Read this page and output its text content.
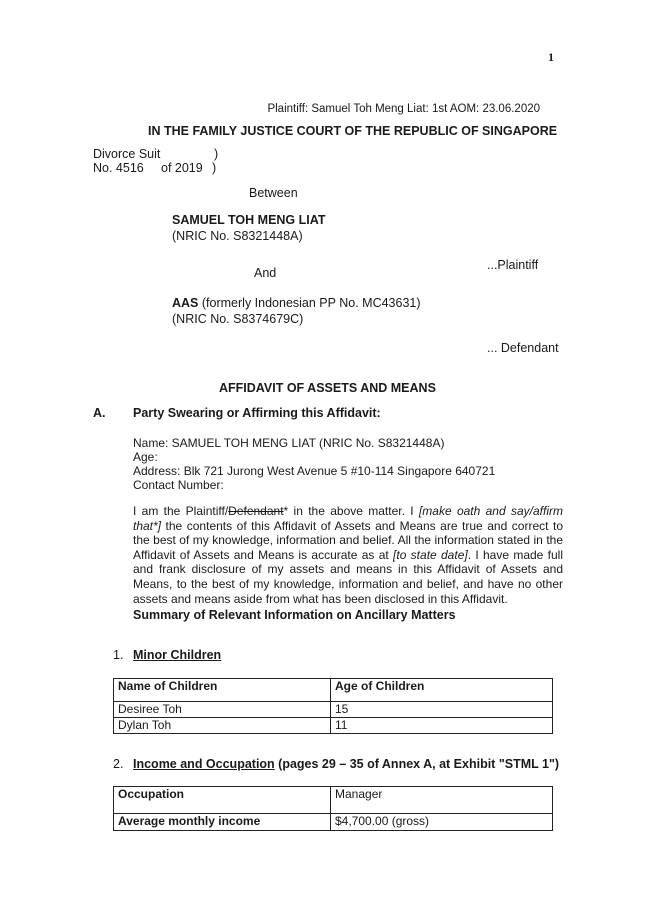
1
Plaintiff: Samuel Toh Meng Liat: 1st AOM: 23.06.2020
IN THE FAMILY JUSTICE COURT OF THE REPUBLIC OF SINGAPORE
Divorce Suit	)
No. 4516 of 2019 )
Between
SAMUEL TOH MENG LIAT
(NRIC No. S8321448A)
...Plaintiff
And
AAS (formerly Indonesian PP No. MC43631)
(NRIC No. S8374679C)
... Defendant
AFFIDAVIT OF ASSETS AND MEANS
A. Party Swearing or Affirming this Affidavit:
Name: SAMUEL TOH MENG LIAT (NRIC No. S8321448A)
Age:
Address: Blk 721 Jurong West Avenue 5 #10-114 Singapore 640721
Contact Number:
I am the Plaintiff/Defendant* in the above matter. I [make oath and say/affirm that*] the contents of this Affidavit of Assets and Means are true and correct to the best of my knowledge, information and belief. All the information stated in the Affidavit of Assets and Means is accurate as at [to state date]. I have made full and frank disclosure of my assets and means in this Affidavit of Assets and Means, to the best of my knowledge, information and belief, and have no other assets and means aside from what has been disclosed in this Affidavit.
Summary of Relevant Information on Ancillary Matters
1. Minor Children
Name of Children	Age of Children
Desiree Toh	15
Dylan Toh	11
2. Income and Occupation (pages 29 – 35 of Annex A, at Exhibit "STML 1")
Occupation	Manager
Average monthly income	$4,700.00 (gross)
